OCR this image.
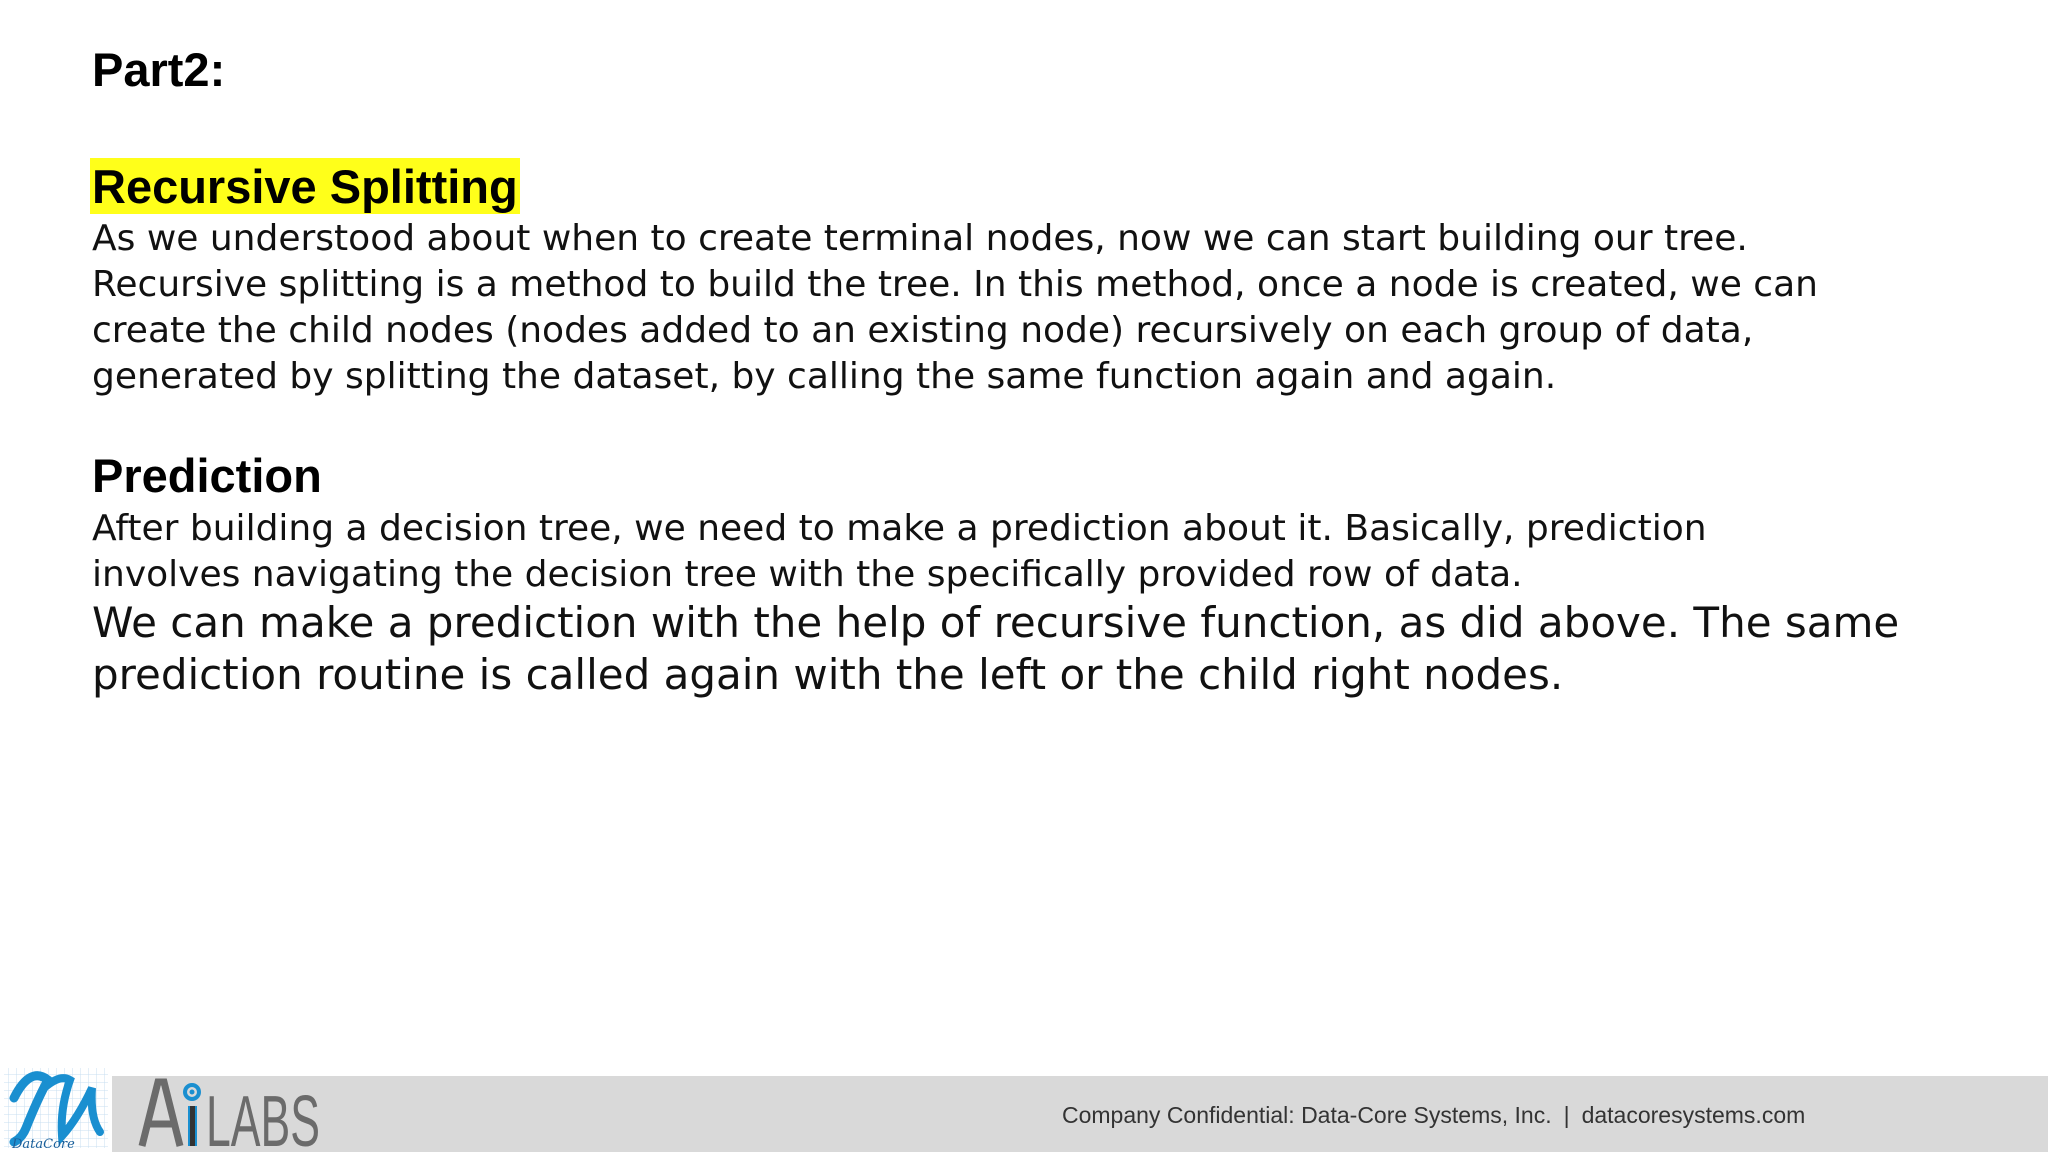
Part2:
Recursive Splitting

As we understood about when to create terminal nodes, now we can start building our tree.
Recursive splitting is a method to build the tree. In this method, once a node is created, we can
create the child nodes (nodes added to an existing node) recursively on each group of data,
generated by splitting the dataset, by calling the same function again and again.

Prediction

After building a decision tree, we need to make a prediction about it. Basically, prediction
involves navigating the decision tree with the specifically provided row of data.

We can make a prediction with the help of recursive function, as did above. The same
prediction routine is called again with the left or the child right nodes.

DataCore LABS
AiLABS
Company Confidential: Data-Core Systems, Inc. | datacoresystems.com
